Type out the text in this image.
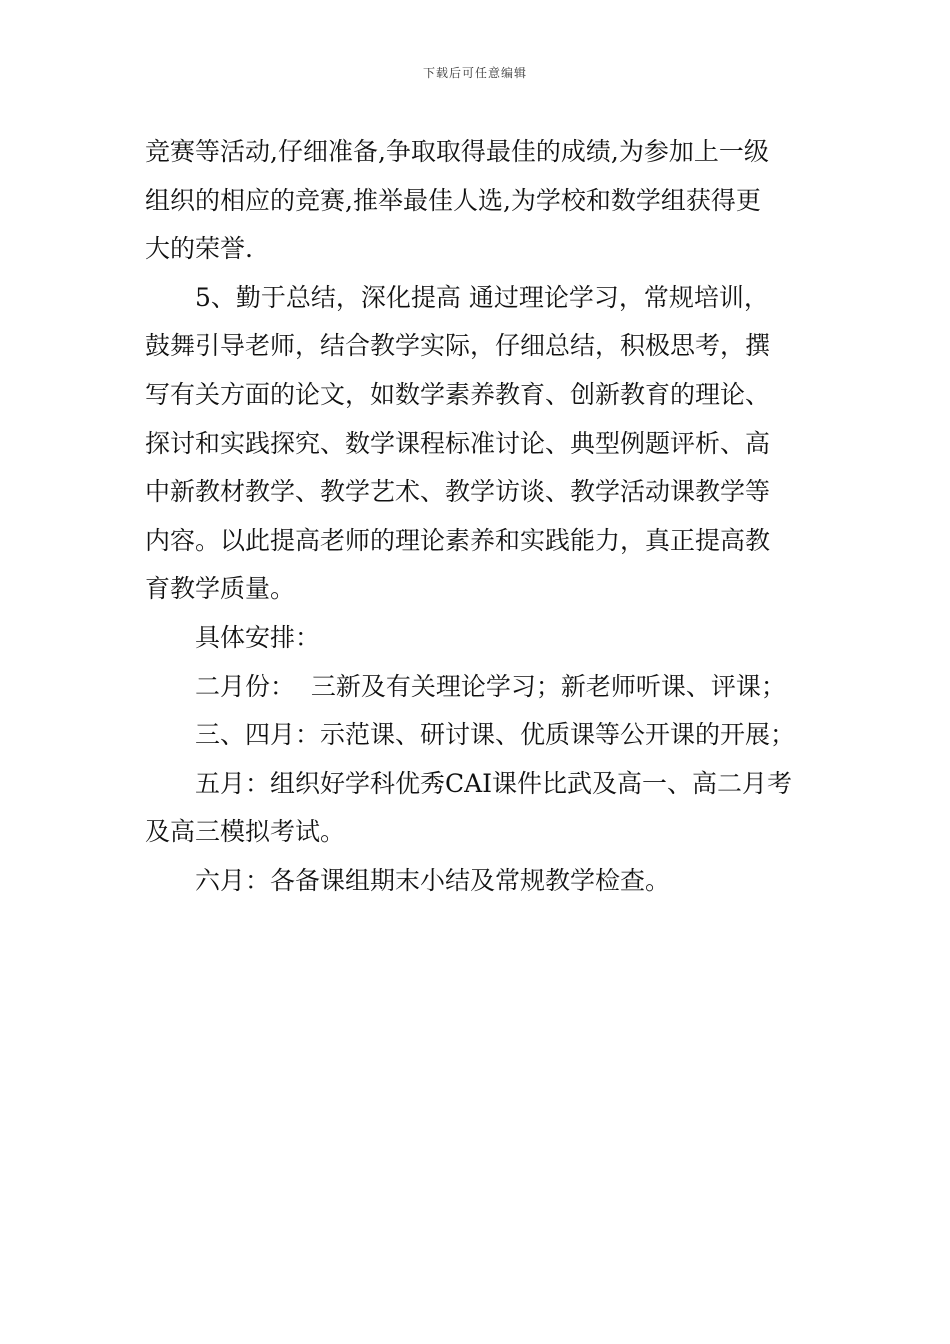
下载后可任意编辑

竞赛等活动,仔细准备,争取取得最佳的成绩,为参加上一级
组织的相应的竞赛,推举最佳人选,为学校和数学组获得更
大的荣誉.

5、勤于总结，深化提高 通过理论学习，常规培训，
鼓舞引导老师，结合教学实际，仔细总结，积极思考，撰
写有关方面的论文，如数学素养教育、创新教育的理论、
探讨和实践探究、数学课程标准讨论、典型例题评析、高
中新教材教学、教学艺术、教学访谈、教学活动课教学等
内容。以此提高老师的理论素养和实践能力，真正提高教
育教学质量。

具体安排：

二月份：  三新及有关理论学习；新老师听课、评课；

三、四月：示范课、研讨课、优质课等公开课的开展；

五月：组织好学科优秀CAI课件比武及高一、高二月考
及高三模拟考试。

六月：各备课组期末小结及常规教学检查。
